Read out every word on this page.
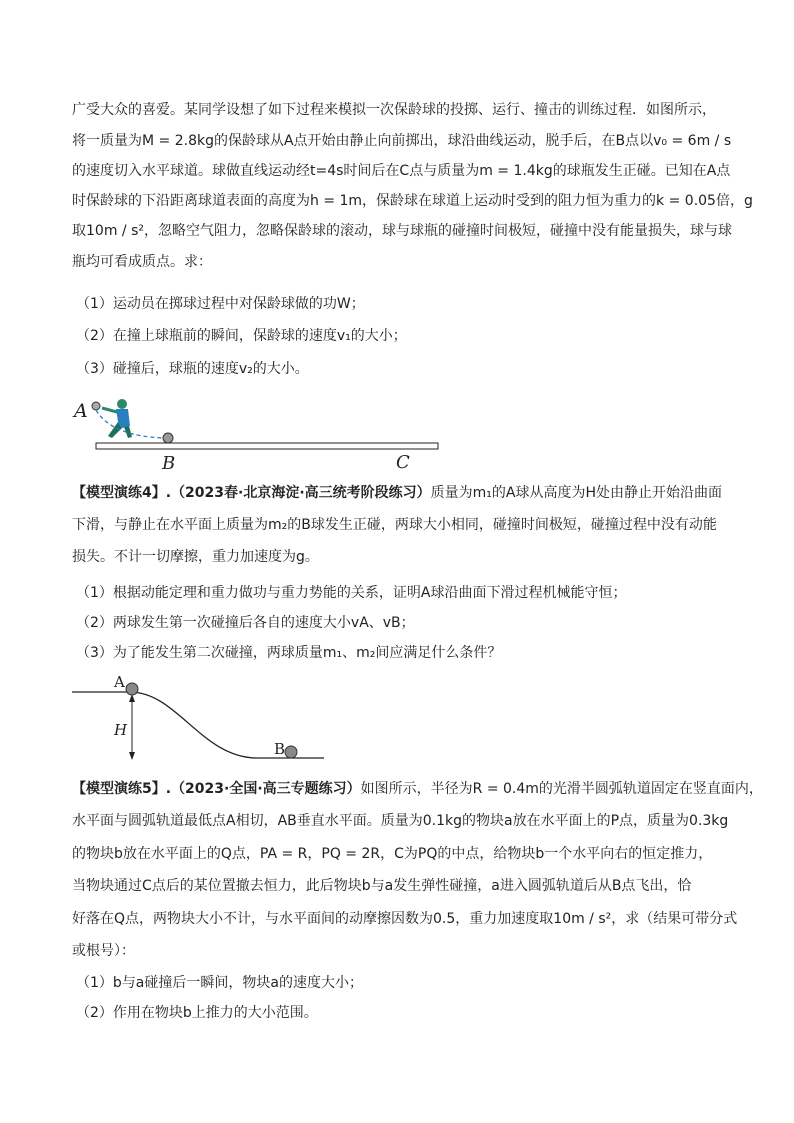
广受大众的喜爱。某同学设想了如下过程来模拟一次保龄球的投掷、运行、撞击的训练过程．如图所示，
将一质量为M = 2.8kg的保龄球从A点开始由静止向前掷出，球沿曲线运动，脱手后，在B点以v₀ = 6m / s
的速度切入水平球道。球做直线运动经t=4s时间后在C点与质量为m = 1.4kg的球瓶发生正碰。已知在A点
时保龄球的下沿距离球道表面的高度为h = 1m，保龄球在球道上运动时受到的阻力恒为重力的k = 0.05倍，g
取10m / s²，忽略空气阻力，忽略保龄球的滚动，球与球瓶的碰撞时间极短，碰撞中没有能量损失，球与球
瓶均可看成质点。求：
（1）运动员在掷球过程中对保龄球做的功W；
（2）在撞上球瓶前的瞬间，保龄球的速度v₁的大小；
（3）碰撞后，球瓶的速度v₂的大小。
A
B	C
【模型演练4】.（2023春·北京海淀·高三统考阶段练习）质量为m₁的A球从高度为H处由静止开始沿曲面
下滑，与静止在水平面上质量为m₂的B球发生正碰，两球大小相同，碰撞时间极短，碰撞过程中没有动能
损失。不计一切摩擦，重力加速度为g。
（1）根据动能定理和重力做功与重力势能的关系，证明A球沿曲面下滑过程机械能守恒；
（2）两球发生第一次碰撞后各自的速度大小vA、vB；
（3）为了能发生第二次碰撞，两球质量m₁、m₂间应满足什么条件？
H
A
B
【模型演练5】.（2023·全国·高三专题练习）如图所示，半径为R = 0.4m的光滑半圆弧轨道固定在竖直面内，
水平面与圆弧轨道最低点A相切，AB垂直水平面。质量为0.1kg的物块a放在水平面上的P点，质量为0.3kg
的物块b放在水平面上的Q点，PA = R，PQ = 2R，C为PQ的中点，给物块b一个水平向右的恒定推力，
当物块通过C点后的某位置撤去恒力，此后物块b与a发生弹性碰撞，a进入圆弧轨道后从B点飞出，恰
好落在Q点，两物块大小不计，与水平面间的动摩擦因数为0.5，重力加速度取10m / s²，求（结果可带分式
或根号）：
（1）b与a碰撞后一瞬间，物块a的速度大小；
（2）作用在物块b上推力的大小范围。
